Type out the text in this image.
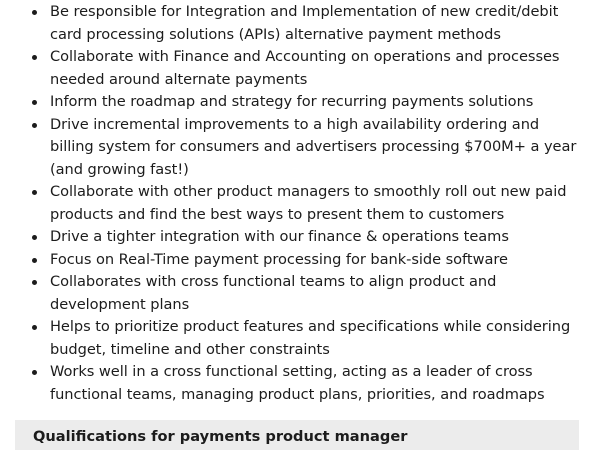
Be responsible for Integration and Implementation of new credit/debit card processing solutions (APIs) alternative payment methods
Collaborate with Finance and Accounting on operations and processes needed around alternate payments
Inform the roadmap and strategy for recurring payments solutions
Drive incremental improvements to a high availability ordering and billing system for consumers and advertisers processing $700M+ a year (and growing fast!)
Collaborate with other product managers to smoothly roll out new paid products and find the best ways to present them to customers
Drive a tighter integration with our finance & operations teams
Focus on Real-Time payment processing for bank-side software
Collaborates with cross functional teams to align product and development plans
Helps to prioritize product features and specifications while considering budget, timeline and other constraints
Works well in a cross functional setting, acting as a leader of cross functional teams, managing product plans, priorities, and roadmaps
Qualifications for payments product manager
